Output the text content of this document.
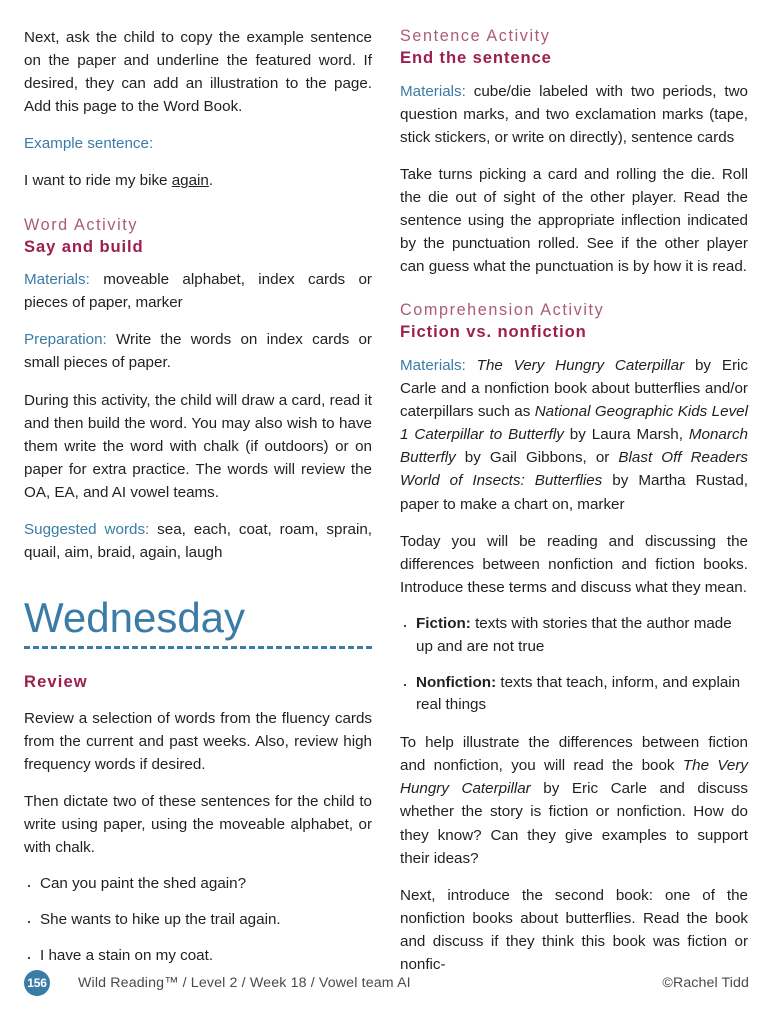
Next, ask the child to copy the example sentence on the paper and underline the featured word. If desired, they can add an illustration to the page. Add this page to the Word Book.

Example sentence:

I want to ride my bike again.

Word Activity

Say and build

Materials: moveable alphabet, index cards or pieces of paper, marker

Preparation: Write the words on index cards or small pieces of paper.

During this activity, the child will draw a card, read it and then build the word. You may also wish to have them write the word with chalk (if outdoors) or on paper for extra practice. The words will review the OA, EA, and AI vowel teams.

Suggested words: sea, each, coat, roam, sprain, quail, aim, braid, again, laugh

Wednesday

Review

Review a selection of words from the fluency cards from the current and past weeks. Also, review high frequency words if desired.

Then dictate two of these sentences for the child to write using paper, using the moveable alphabet, or with chalk.

· Can you paint the shed again?
· She wants to hike up the trail again.
· I have a stain on my coat.

Sentence Activity

End the sentence

Materials: cube/die labeled with two periods, two question marks, and two exclamation marks (tape, stick stickers, or write on directly), sentence cards

Take turns picking a card and rolling the die. Roll the die out of sight of the other player. Read the sentence using the appropriate inflection indicated by the punctuation rolled. See if the other player can guess what the punctuation is by how it is read.

Comprehension Activity

Fiction vs. nonfiction

Materials: The Very Hungry Caterpillar by Eric Carle and a nonfiction book about butterflies and/or caterpillars such as National Geographic Kids Level 1 Caterpillar to Butterfly by Laura Marsh, Monarch Butterfly by Gail Gibbons, or Blast Off Readers World of Insects: Butterflies by Martha Rustad, paper to make a chart on, marker

Today you will be reading and discussing the differences between nonfiction and fiction books. Introduce these terms and discuss what they mean.

· Fiction: texts with stories that the author made up and are not true
· Nonfiction: texts that teach, inform, and explain real things

To help illustrate the differences between fiction and nonfiction, you will read the book The Very Hungry Caterpillar by Eric Carle and discuss whether the story is fiction or nonfiction. How do they know? Can they give examples to support their ideas?

Next, introduce the second book: one of the nonfiction books about butterflies. Read the book and discuss if they think this book was fiction or nonfic-

156 Wild Reading™ / Level 2 / Week 18 / Vowel team AI	©Rachel Tidd
